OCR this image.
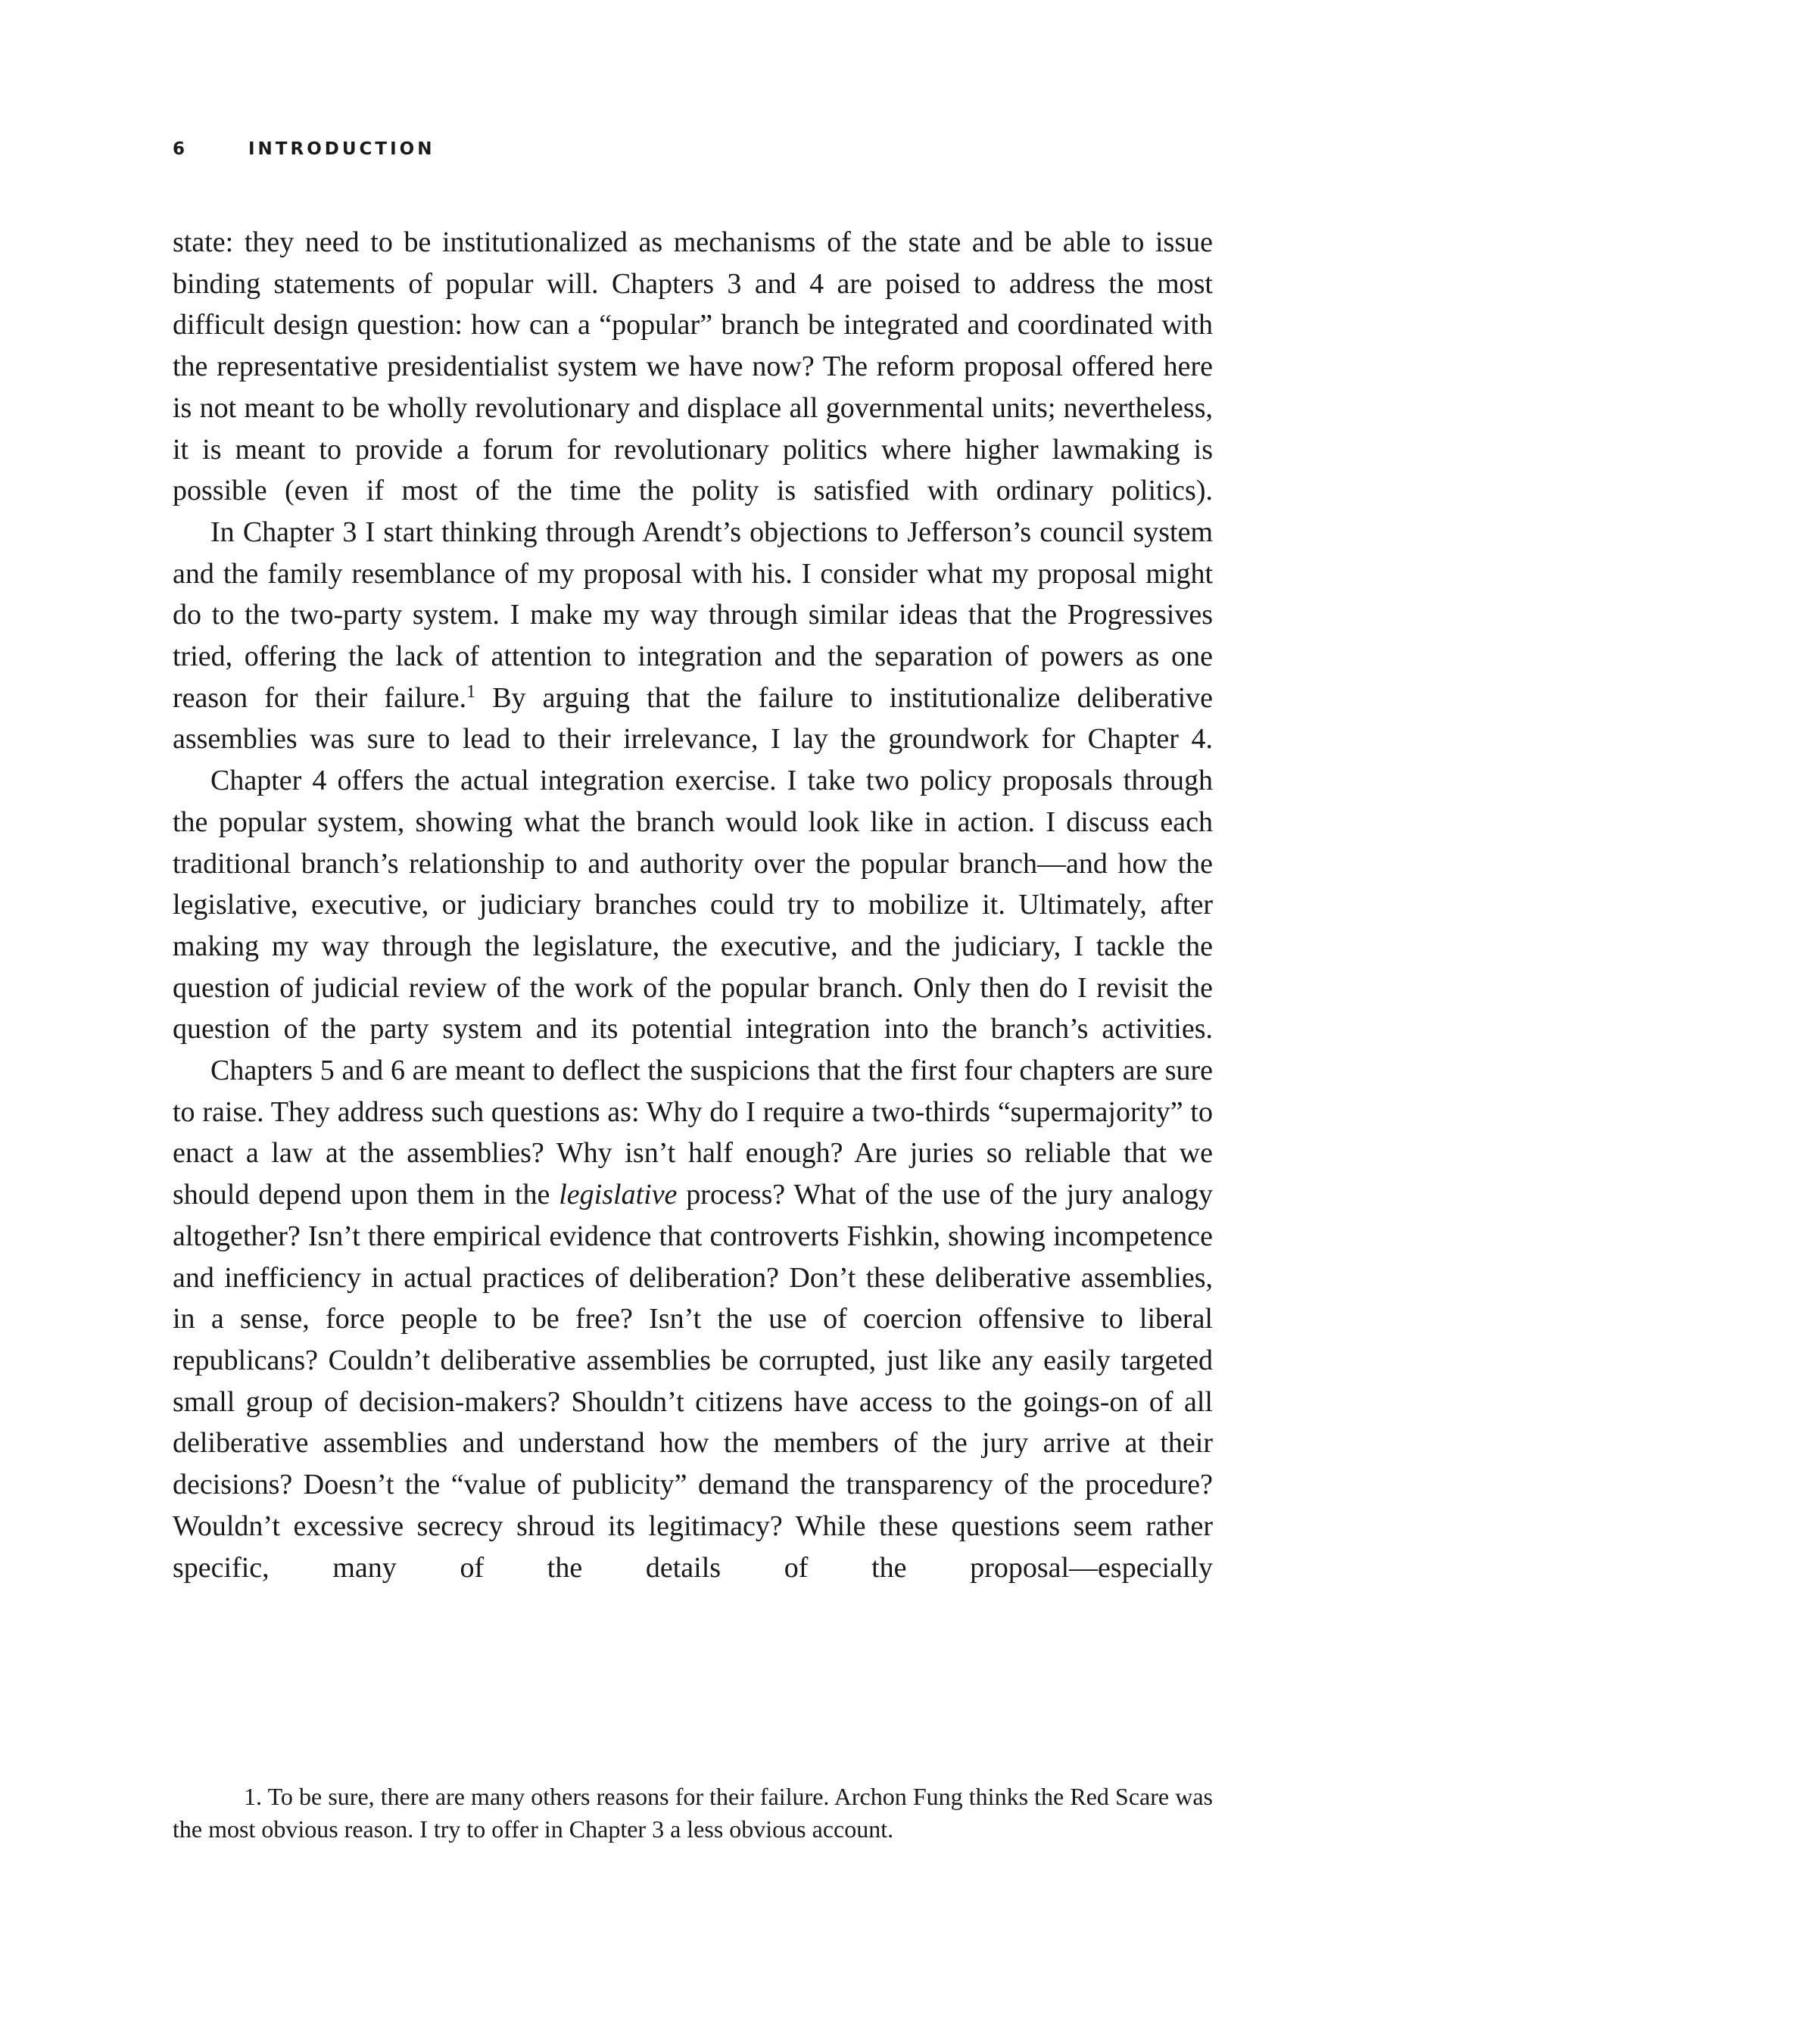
6	INTRODUCTION

state: they need to be institutionalized as mechanisms of the state and be able to issue binding statements of popular will. Chapters 3 and 4 are poised to address the most difficult design question: how can a “popular” branch be integrated and coordinated with the representative presidentialist system we have now? The reform proposal offered here is not meant to be wholly revolutionary and displace all governmental units; nevertheless, it is meant to provide a forum for revolutionary politics where higher lawmaking is possible (even if most of the time the polity is satisfied with ordinary politics).

In Chapter 3 I start thinking through Arendt’s objections to Jefferson’s council system and the family resemblance of my proposal with his. I consider what my proposal might do to the two-party system. I make my way through similar ideas that the Progressives tried, offering the lack of attention to integration and the separation of powers as one reason for their failure.$^1$ By arguing that the failure to institutionalize deliberative assemblies was sure to lead to their irrelevance, I lay the groundwork for Chapter 4.

Chapter 4 offers the actual integration exercise. I take two policy proposals through the popular system, showing what the branch would look like in action. I discuss each traditional branch’s relationship to and authority over the popular branch—and how the legislative, executive, or judiciary branches could try to mobilize it. Ultimately, after making my way through the legislature, the executive, and the judiciary, I tackle the question of judicial review of the work of the popular branch. Only then do I revisit the question of the party system and its potential integration into the branch’s activities.

Chapters 5 and 6 are meant to deflect the suspicions that the first four chapters are sure to raise. They address such questions as: Why do I require a two-thirds “supermajority” to enact a law at the assemblies? Why isn’t half enough? Are juries so reliable that we should depend upon them in the legislative process? What of the use of the jury analogy altogether? Isn’t there empirical evidence that controverts Fishkin, showing incompetence and inefficiency in actual practices of deliberation? Don’t these deliberative assemblies, in a sense, force people to be free? Isn’t the use of coercion offensive to liberal republicans? Couldn’t deliberative assemblies be corrupted, just like any easily targeted small group of decision-makers? Shouldn’t citizens have access to the goings-on of all deliberative assemblies and understand how the members of the jury arrive at their decisions? Doesn’t the “value of publicity” demand the transparency of the procedure? Wouldn’t excessive secrecy shroud its legitimacy? While these questions seem rather specific, many of the details of the proposal—especially

1. To be sure, there are many others reasons for their failure. Archon Fung thinks the Red Scare was the most obvious reason. I try to offer in Chapter 3 a less obvious account.
